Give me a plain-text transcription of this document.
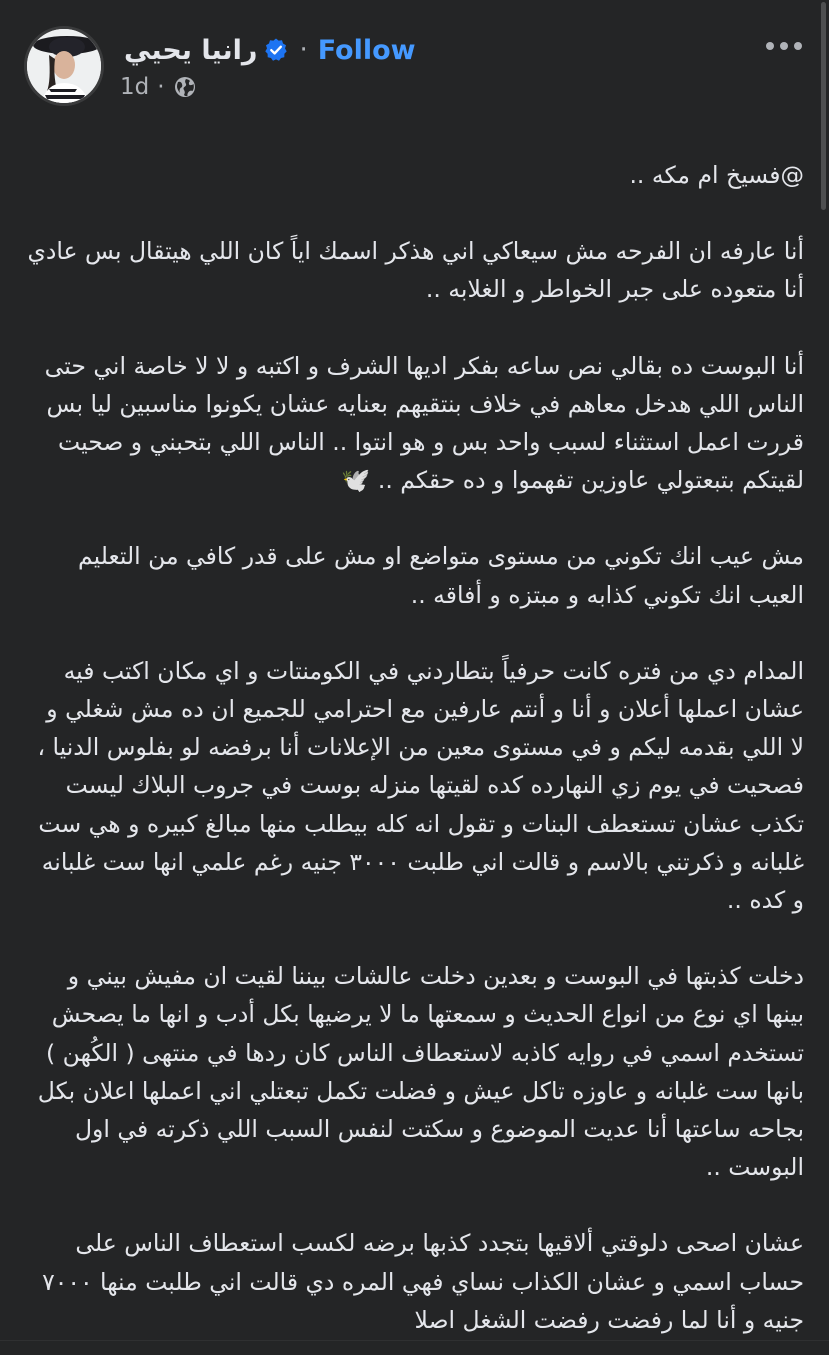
رانيا يحيي · Follow
1d ·

@فسيخ ام مكه ..

أنا عارفه ان الفرحه مش سيعاكي اني هذكر اسمك اياً كان اللي هيتقال بس عادي أنا متعوده على جبر الخواطر و الغلابه ..

أنا البوست ده بقالي نص ساعه بفكر اديها الشرف و اكتبه و لا لا خاصة اني حتى الناس اللي هدخل معاهم في خلاف بنتقيهم بعنايه عشان يكونوا مناسبين ليا بس قررت اعمل استثناء لسبب واحد بس و هو انتوا .. الناس اللي بتحبني و صحيت لقيتكم بتبعتولي عاوزين تفهموا و ده حقكم .. 🕊️

مش عيب انك تكوني من مستوى متواضع او مش على قدر كافي من التعليم العيب انك تكوني كذابه و مبتزه و أفاقه ..

المدام دي من فتره كانت حرفياً بتطاردني في الكومنتات و اي مكان اكتب فيه عشان اعملها أعلان و أنا و أنتم عارفين مع احترامي للجميع ان ده مش شغلي و لا اللي بقدمه ليكم و في مستوى معين من الإعلانات أنا برفضه لو بفلوس الدنيا ، فصحيت في يوم زي النهارده كده لقيتها منزله بوست في جروب البلاك ليست تكذب عشان تستعطف البنات و تقول انه كله بيطلب منها مبالغ كبيره و هي ست غلبانه و ذكرتني بالاسم و قالت اني طلبت ٣٠٠٠ جنيه رغم علمي انها ست غلبانه و كده ..

دخلت كذبتها في البوست و بعدين دخلت عالشات بيننا لقيت ان مفيش بيني و بينها اي نوع من انواع الحديث و سمعتها ما لا يرضيها بكل أدب و انها ما يصحش تستخدم اسمي في روايه كاذبه لاستعطاف الناس كان ردها في منتهى ( الكُهن ) بانها ست غلبانه و عاوزه تاكل عيش و فضلت تكمل تبعتلي اني اعملها اعلان بكل بجاحه ساعتها أنا عديت الموضوع و سكتت لنفس السبب اللي ذكرته في اول البوست ..

عشان اصحى دلوقتي ألاقيها بتجدد كذبها برضه لكسب استعطاف الناس على حساب اسمي و عشان الكذاب نساي فهي المره دي قالت اني طلبت منها ٧٠٠٠ جنيه و أنا لما رفضت رفضت الشغل اصلا
